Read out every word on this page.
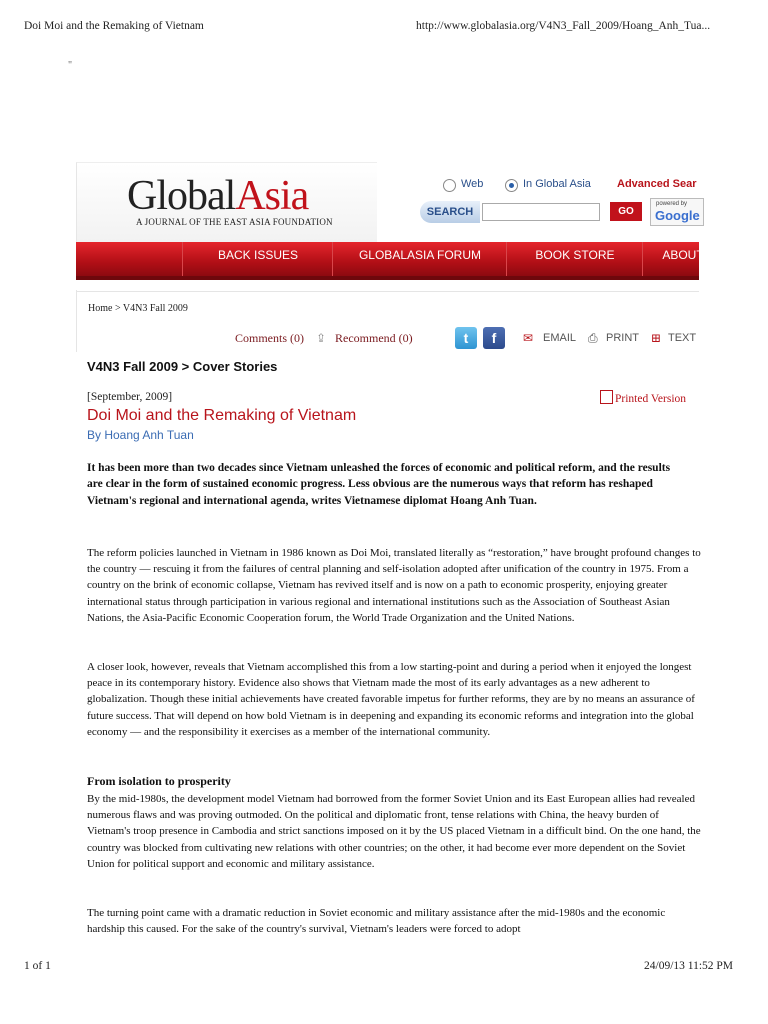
Doi Moi and the Remaking of Vietnam	http://www.globalasia.org/V4N3_Fall_2009/Hoang_Anh_Tua...
"
GlobalAsia
A JOURNAL OF THE EAST ASIA FOUNDATION
Web	In Global Asia Advanced Sear
SEARCH	GO
powered by
Google
BACK ISSUES	GLOBALASIA FORUM	BOOK STORE	ABOUT
Home > V4N3 Fall 2009
Comments (0) ⇪ Recommend (0)	t	f	✉ EMAIL ⎙ PRINT ⊞ TEXT
V4N3 Fall 2009 > Cover Stories
[September, 2009]	Printed Version
Doi Moi and the Remaking of Vietnam
By Hoang Anh Tuan
It has been more than two decades since Vietnam unleashed the forces of economic and political reform, and the results are clear in the form of sustained economic progress. Less obvious are the numerous ways that reform has reshaped Vietnam's regional and international agenda, writes Vietnamese diplomat Hoang Anh Tuan.
The reform policies launched in Vietnam in 1986 known as Doi Moi, translated literally as “restoration,” have brought profound changes to the country — rescuing it from the failures of central planning and self-isolation adopted after unification of the country in 1975. From a country on the brink of economic collapse, Vietnam has revived itself and is now on a path to economic prosperity, enjoying greater international status through participation in various regional and international institutions such as the Association of Southeast Asian Nations, the Asia-Pacific Economic Cooperation forum, the World Trade Organization and the United Nations.
A closer look, however, reveals that Vietnam accomplished this from a low starting-point and during a period when it enjoyed the longest peace in its contemporary history. Evidence also shows that Vietnam made the most of its early advantages as a new adherent to globalization. Though these initial achievements have created favorable impetus for further reforms, they are by no means an assurance of future success. That will depend on how bold Vietnam is in deepening and expanding its economic reforms and integration into the global economy — and the responsibility it exercises as a member of the international community.
From isolation to prosperity
By the mid-1980s, the development model Vietnam had borrowed from the former Soviet Union and its East European allies had revealed numerous flaws and was proving outmoded. On the political and diplomatic front, tense relations with China, the heavy burden of Vietnam's troop presence in Cambodia and strict sanctions imposed on it by the US placed Vietnam in a difficult bind. On the one hand, the country was blocked from cultivating new relations with other countries; on the other, it had become ever more dependent on the Soviet Union for political support and economic and military assistance.
The turning point came with a dramatic reduction in Soviet economic and military assistance after the mid-1980s and the economic hardship this caused. For the sake of the country's survival, Vietnam's leaders were forced to adopt
1 of 1	24/09/13 11:52 PM
